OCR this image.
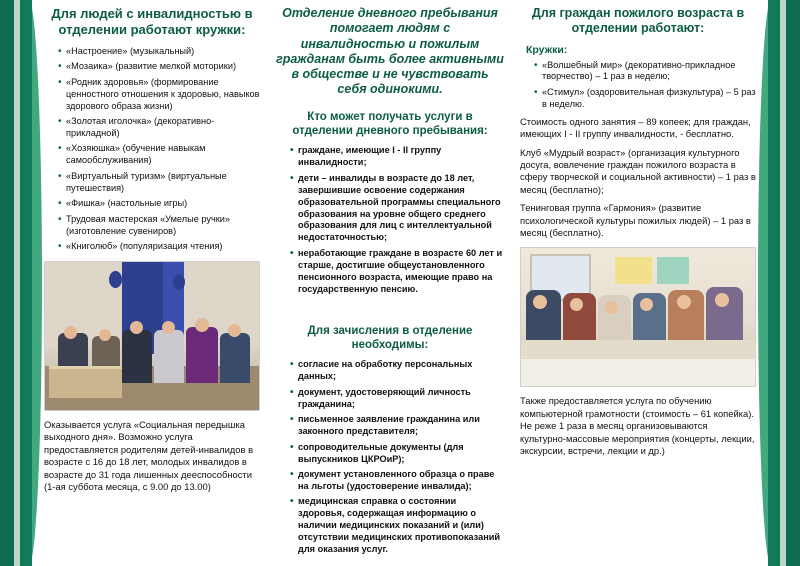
Для людей с инвалидностью в отделении работают кружки:
• «Настроение» (музыкальный)
• «Мозаика» (развитие мелкой моторики)
• «Родник здоровья» (формирование ценностного отношения к здоровью, навыков здорового образа жизни)
• «Золотая иголочка» (декоративно-прикладной)
• «Хозяюшка» (обучение навыкам самообслуживания)
• «Виртуальный туризм» (виртуальные путешествия)
• «Фишка» (настольные игры)
• Трудовая мастерская «Умелые ручки» (изготовление сувениров)
• «Книголюб» (популяризация чтения)

Оказывается услуга «Социальная передышка выходного дня». Возможно услуга предоставляется родителям детей-инвалидов в возрасте с 16 до 18 лет, молодых инвалидов в возрасте до 31 года лишенных дееспособности (1-ая суббота месяца, с 9.00 до 13.00)

Отделение дневного пребывания помогает людям с инвалидностью и пожилым гражданам быть более активными в обществе и не чувствовать себя одинокими.
Кто может получать услуги в отделении дневного пребывания:
• граждане, имеющие I - II группу инвалидности;
• дети – инвалиды в возрасте до 18 лет, завершившие освоение содержания образовательной программы специального образования на уровне общего среднего образования для лиц с интеллектуальной недостаточностью;
• неработающие граждане в возрасте 60 лет и старше, достигшие общеустановленного пенсионного возраста, имеющие право на государственную пенсию.
Для зачисления в отделение необходимы:
• согласие на обработку персональных данных;
• документ, удостоверяющий личность гражданина;
• письменное заявление гражданина или законного представителя;
• сопроводительные документы (для выпускников ЦКРОиР);
• документ установленного образца о праве на льготы (удостоверение инвалида);
• медицинская справка о состоянии здоровья, содержащая информацию о наличии медицинских показаний и (или) отсутствии медицинских противопоказаний для оказания услуг.
Для граждан пожилого возраста в отделении работают:
Кружки:
• «Волшебный мир» (декоративно-прикладное творчество) – 1 раз в неделю;
• «Стимул» (оздоровительная физкультура) – 5 раз в неделю.

Стоимость одного занятия – 89 копеек; для граждан, имеющих I - II группу инвалидности, - бесплатно.

Клуб «Мудрый возраст» (организация культурного досуга, вовлечение граждан пожилого возраста в сферу творческой и социальной активности) – 1 раз в месяц (бесплатно);

Тенинговая группа «Гармония» (развитие психологической культуры пожилых людей) – 1 раз в месяц (бесплатно).

Также предоставляется услуга по обучению компьютерной грамотности (стоимость – 61 копейка). Не реже 1 раза в месяц организовываются культурно-массовые мероприятия (концерты, лекции, экскурсии, встречи, лекции и др.)
